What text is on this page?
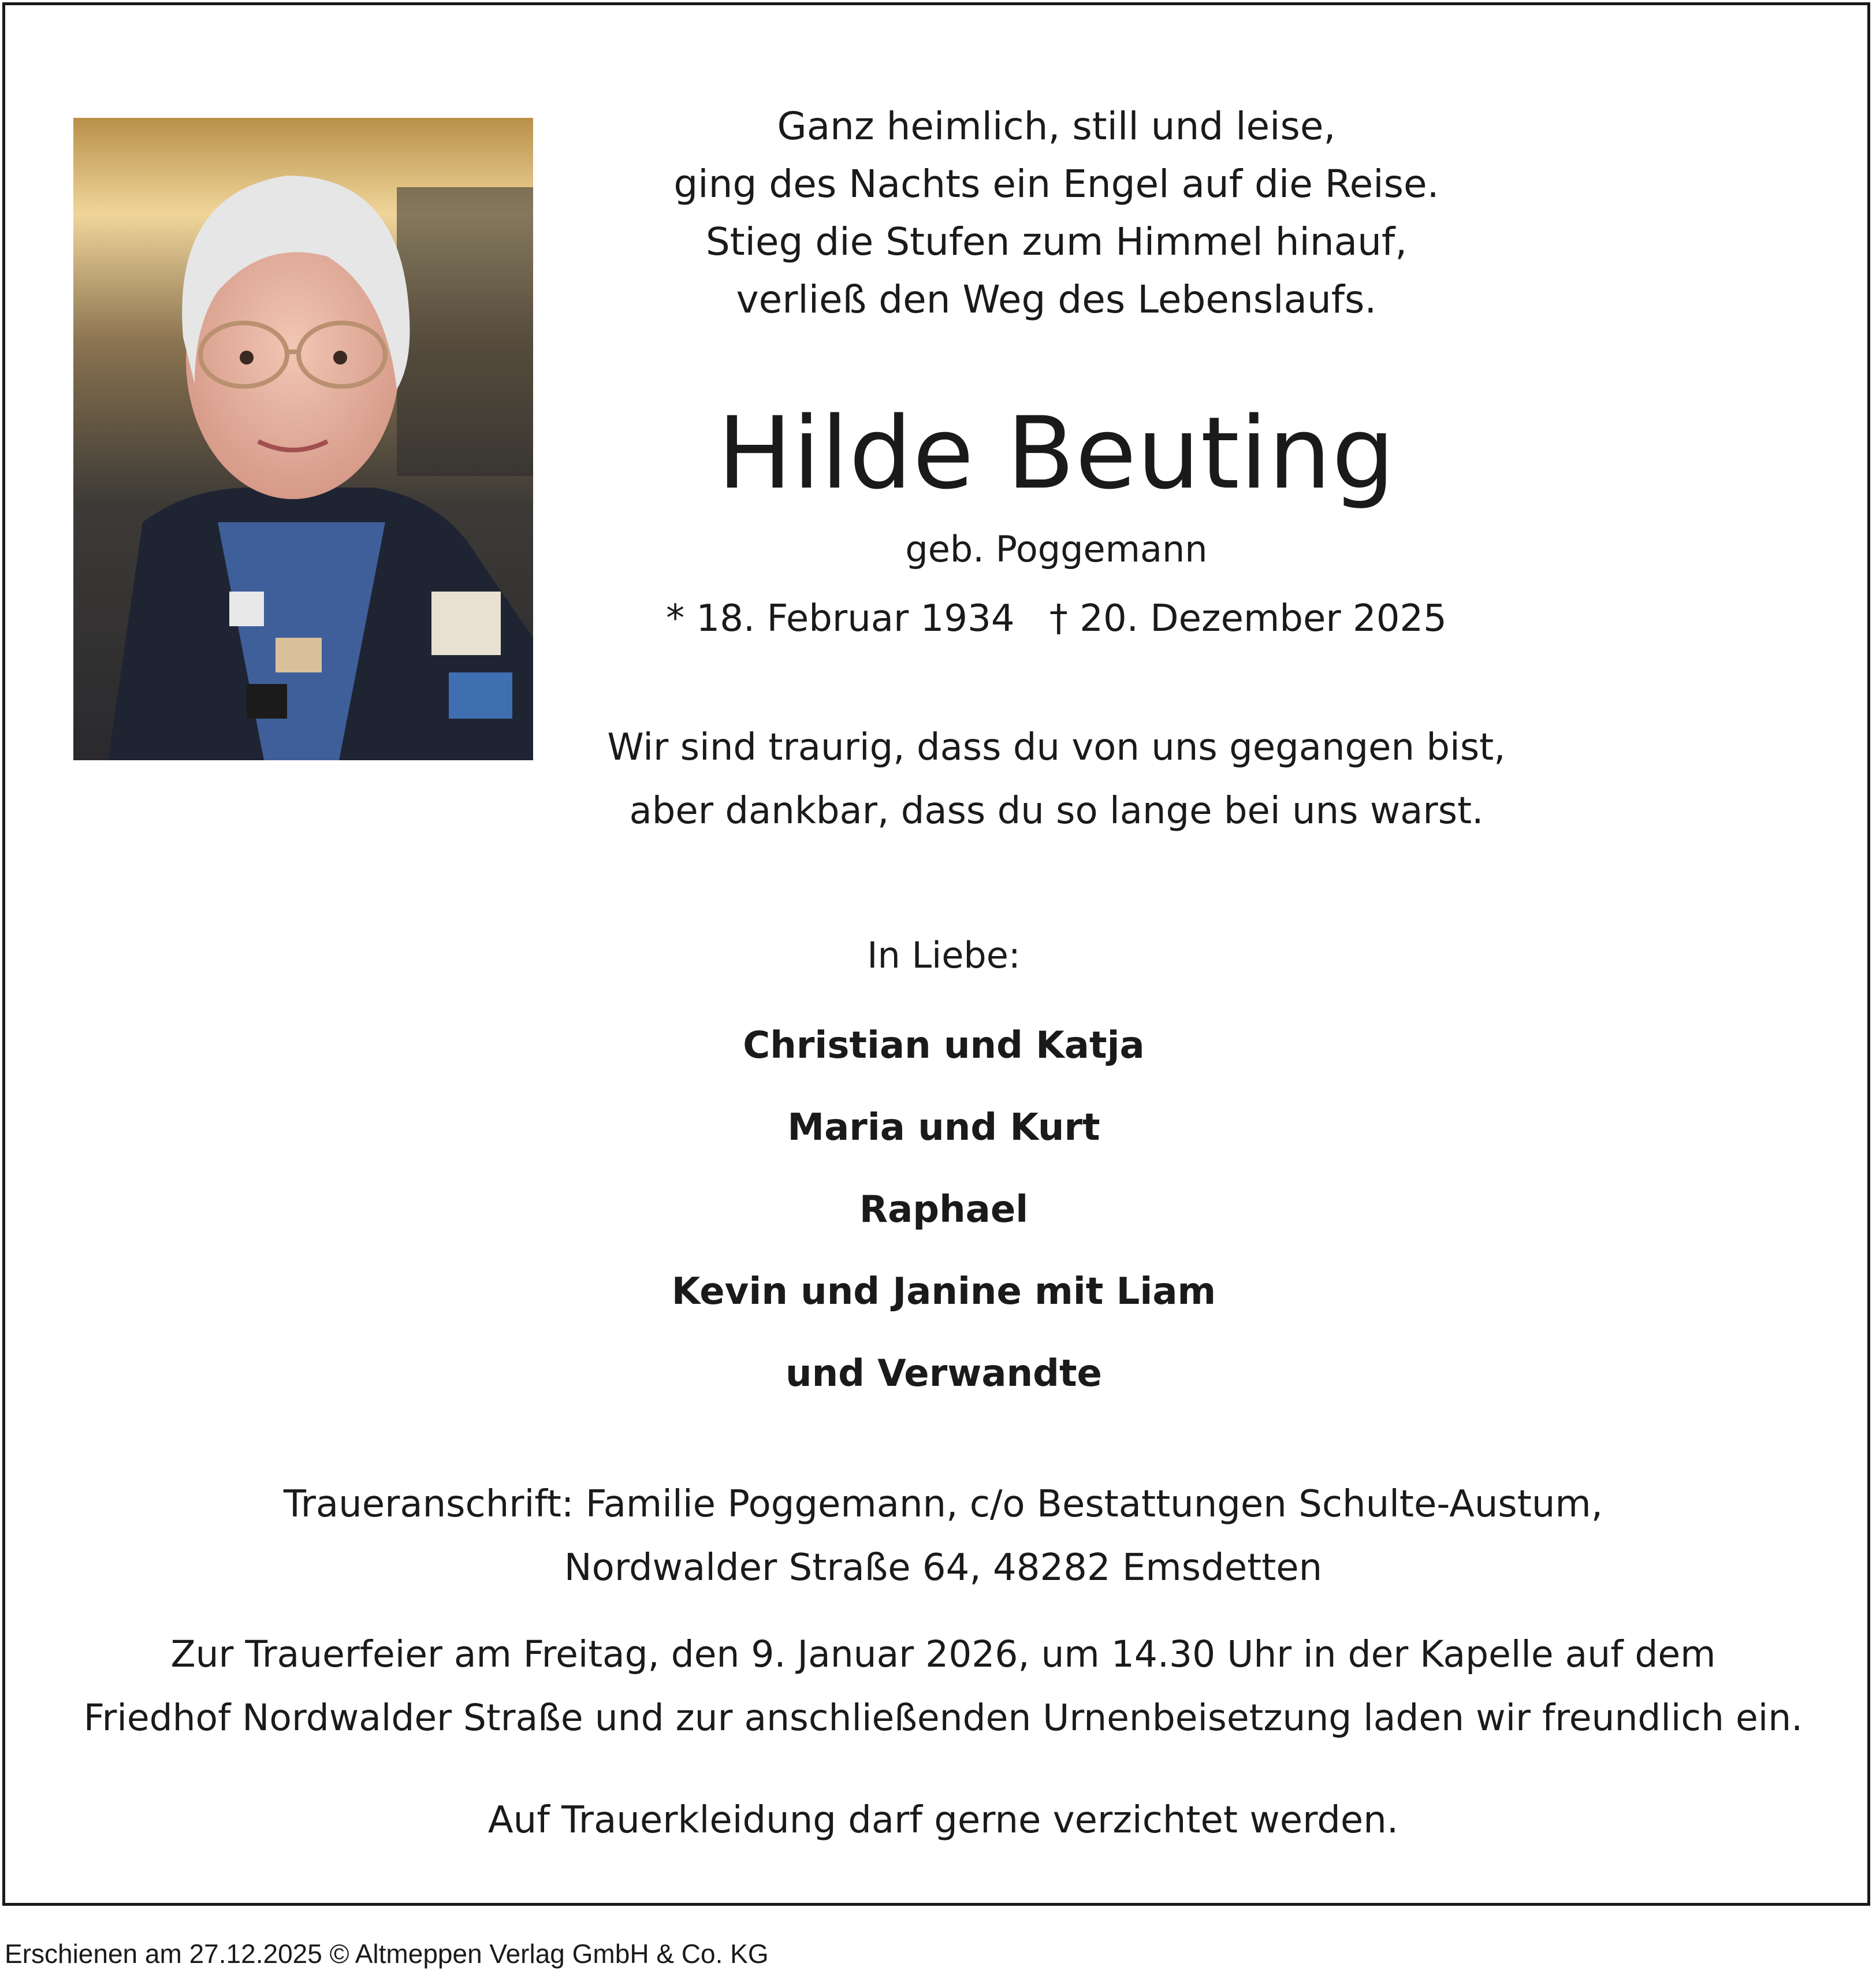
Ganz heimlich, still und leise,
ging des Nachts ein Engel auf die Reise.
Stieg die Stufen zum Himmel hinauf,
verließ den Weg des Lebenslaufs.
Hilde Beuting
geb. Poggemann
* 18. Februar 1934 † 20. Dezember 2025
Wir sind traurig, dass du von uns gegangen bist,
aber dankbar, dass du so lange bei uns warst.
In Liebe:
Christian und Katja
Maria und Kurt
Raphael
Kevin und Janine mit Liam
und Verwandte
Traueranschrift: Familie Poggemann, c/o Bestattungen Schulte-Austum,
Nordwalder Straße 64, 48282 Emsdetten
Zur Trauerfeier am Freitag, den 9. Januar 2026, um 14.30 Uhr in der Kapelle auf dem
Friedhof Nordwalder Straße und zur anschließenden Urnenbeisetzung laden wir freundlich ein.
Auf Trauerkleidung darf gerne verzichtet werden.
Erschienen am 27.12.2025 © Altmeppen Verlag GmbH & Co. KG
